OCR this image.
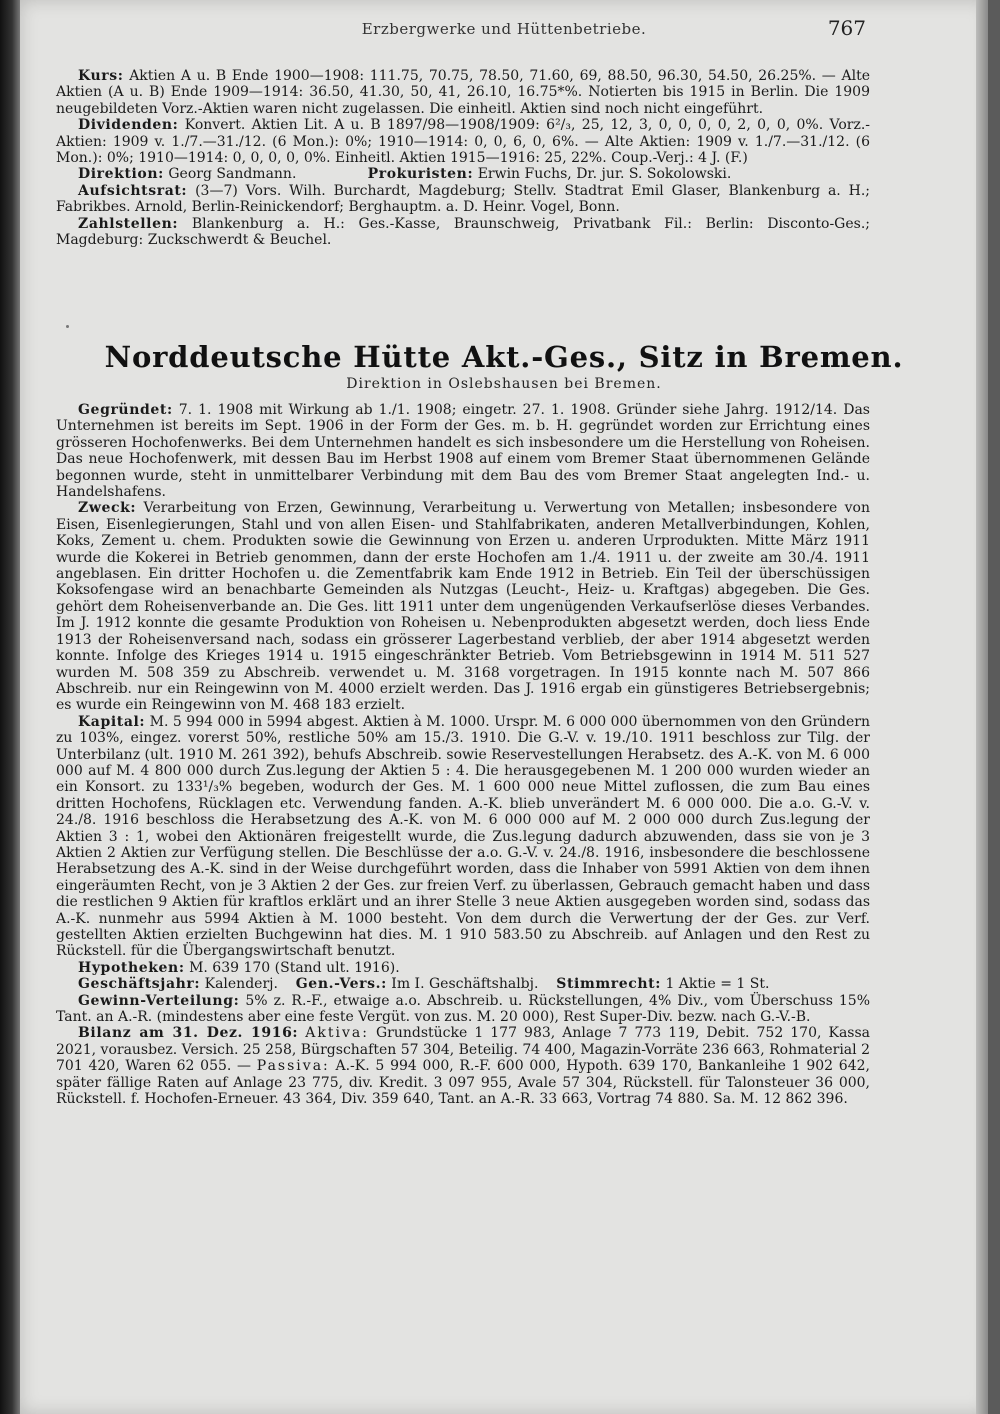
Erzbergwerke und Hüttenbetriebe.	767

Kurs: Aktien A u. B Ende 1900—1908: 111.75, 70.75, 78.50, 71.60, 69, 88.50, 96.30, 54.50, 26.25%. — Alte Aktien (A u. B) Ende 1909—1914: 36.50, 41.30, 50, 41, 26.10, 16.75*%. Notierten bis 1915 in Berlin. Die 1909 neugebildeten Vorz.-Aktien waren nicht zugelassen. Die einheitl. Aktien sind noch nicht eingeführt.

Dividenden: Konvert. Aktien Lit. A u. B 1897/98—1908/1909: 6²/₃, 25, 12, 3, 0, 0, 0, 0, 2, 0, 0, 0%. Vorz.-Aktien: 1909 v. 1./7.—31./12. (6 Mon.): 0%; 1910—1914: 0, 0, 6, 0, 6%. — Alte Aktien: 1909 v. 1./7.—31./12. (6 Mon.): 0%; 1910—1914: 0, 0, 0, 0, 0%. Einheitl. Aktien 1915—1916: 25, 22%. Coup.-Verj.: 4 J. (F.)

Direktion: Georg Sandmann.	Prokuristen: Erwin Fuchs, Dr. jur. S. Sokolowski.

Aufsichtsrat: (3—7) Vors. Wilh. Burchardt, Magdeburg; Stellv. Stadtrat Emil Glaser, Blankenburg a. H.; Fabrikbes. Arnold, Berlin-Reinickendorf; Berghauptm. a. D. Heinr. Vogel, Bonn.

Zahlstellen: Blankenburg a. H.: Ges.-Kasse, Braunschweig, Privatbank Fil.: Berlin: Disconto-Ges.; Magdeburg: Zuckschwerdt & Beuchel.

Norddeutsche Hütte Akt.-Ges., Sitz in Bremen.
Direktion in Oslebshausen bei Bremen.

Gegründet: 7. 1. 1908 mit Wirkung ab 1./1. 1908; eingetr. 27. 1. 1908. Gründer siehe Jahrg. 1912/14. Das Unternehmen ist bereits im Sept. 1906 in der Form der Ges. m. b. H. gegründet worden zur Errichtung eines grösseren Hochofenwerks. Bei dem Unternehmen handelt es sich insbesondere um die Herstellung von Roheisen. Das neue Hochofenwerk, mit dessen Bau im Herbst 1908 auf einem vom Bremer Staat übernommenen Gelände begonnen wurde, steht in unmittelbarer Verbindung mit dem Bau des vom Bremer Staat angelegten Ind.- u. Handelshafens.

Zweck: Verarbeitung von Erzen, Gewinnung, Verarbeitung u. Verwertung von Metallen; insbesondere von Eisen, Eisenlegierungen, Stahl und von allen Eisen- und Stahlfabrikaten, anderen Metallverbindungen, Kohlen, Koks, Zement u. chem. Produkten sowie die Gewinnung von Erzen u. anderen Urprodukten. Mitte März 1911 wurde die Kokerei in Betrieb genommen, dann der erste Hochofen am 1./4. 1911 u. der zweite am 30./4. 1911 angeblasen. Ein dritter Hochofen u. die Zementfabrik kam Ende 1912 in Betrieb. Ein Teil der überschüssigen Koksofengase wird an benachbarte Gemeinden als Nutzgas (Leucht-, Heiz- u. Kraftgas) abgegeben. Die Ges. gehört dem Roheisenverbande an. Die Ges. litt 1911 unter dem ungenügenden Verkaufserlöse dieses Verbandes. Im J. 1912 konnte die gesamte Produktion von Roheisen u. Nebenprodukten abgesetzt werden, doch liess Ende 1913 der Roheisenversand nach, sodass ein grösserer Lagerbestand verblieb, der aber 1914 abgesetzt werden konnte. Infolge des Krieges 1914 u. 1915 eingeschränkter Betrieb. Vom Betriebsgewinn in 1914 M. 511 527 wurden M. 508 359 zu Abschreib. verwendet u. M. 3168 vorgetragen. In 1915 konnte nach M. 507 866 Abschreib. nur ein Reingewinn von M. 4000 erzielt werden. Das J. 1916 ergab ein günstigeres Betriebsergebnis; es wurde ein Reingewinn von M. 468 183 erzielt.

Kapital: M. 5 994 000 in 5994 abgest. Aktien à M. 1000. Urspr. M. 6 000 000 übernommen von den Gründern zu 103%, eingez. vorerst 50%, restliche 50% am 15./3. 1910. Die G.-V. v. 19./10. 1911 beschloss zur Tilg. der Unterbilanz (ult. 1910 M. 261 392), behufs Abschreib. sowie Reservestellungen Herabsetz. des A.-K. von M. 6 000 000 auf M. 4 800 000 durch Zus.legung der Aktien 5 : 4. Die herausgegebenen M. 1 200 000 wurden wieder an ein Konsort. zu 133¹/₃% begeben, wodurch der Ges. M. 1 600 000 neue Mittel zuflossen, die zum Bau eines dritten Hochofens, Rücklagen etc. Verwendung fanden. A.-K. blieb unverändert M. 6 000 000. Die a.o. G.-V. v. 24./8. 1916 beschloss die Herabsetzung des A.-K. von M. 6 000 000 auf M. 2 000 000 durch Zus.legung der Aktien 3 : 1, wobei den Aktionären freigestellt wurde, die Zus.legung dadurch abzuwenden, dass sie von je 3 Aktien 2 Aktien zur Verfügung stellen. Die Beschlüsse der a.o. G.-V. v. 24./8. 1916, insbesondere die beschlossene Herabsetzung des A.-K. sind in der Weise durchgeführt worden, dass die Inhaber von 5991 Aktien von dem ihnen eingeräumten Recht, von je 3 Aktien 2 der Ges. zur freien Verf. zu überlassen, Gebrauch gemacht haben und dass die restlichen 9 Aktien für kraftlos erklärt und an ihrer Stelle 3 neue Aktien ausgegeben worden sind, sodass das A.-K. nunmehr aus 5994 Aktien à M. 1000 besteht. Von dem durch die Verwertung der der Ges. zur Verf. gestellten Aktien erzielten Buchgewinn hat dies. M. 1 910 583.50 zu Abschreib. auf Anlagen und den Rest zu Rückstell. für die Übergangswirtschaft benutzt.

Hypotheken: M. 639 170 (Stand ult. 1916).

Geschäftsjahr: Kalenderj. Gen.-Vers.: Im I. Geschäftshalbj. Stimmrecht: 1 Aktie = 1 St.

Gewinn-Verteilung: 5% z. R.-F., etwaige a.o. Abschreib. u. Rückstellungen, 4% Div., vom Überschuss 15% Tant. an A.-R. (mindestens aber eine feste Vergüt. von zus. M. 20 000), Rest Super-Div. bezw. nach G.-V.-B.

Bilanz am 31. Dez. 1916: Aktiva: Grundstücke 1 177 983, Anlage 7 773 119, Debit. 752 170, Kassa 2021, vorausbez. Versich. 25 258, Bürgschaften 57 304, Beteilig. 74 400, Magazin-Vorräte 236 663, Rohmaterial 2 701 420, Waren 62 055. — Passiva: A.-K. 5 994 000, R.-F. 600 000, Hypoth. 639 170, Bankanleihe 1 902 642, später fällige Raten auf Anlage 23 775, div. Kredit. 3 097 955, Avale 57 304, Rückstell. für Talonsteuer 36 000, Rückstell. f. Hochofen-Erneuer. 43 364, Div. 359 640, Tant. an A.-R. 33 663, Vortrag 74 880. Sa. M. 12 862 396.
